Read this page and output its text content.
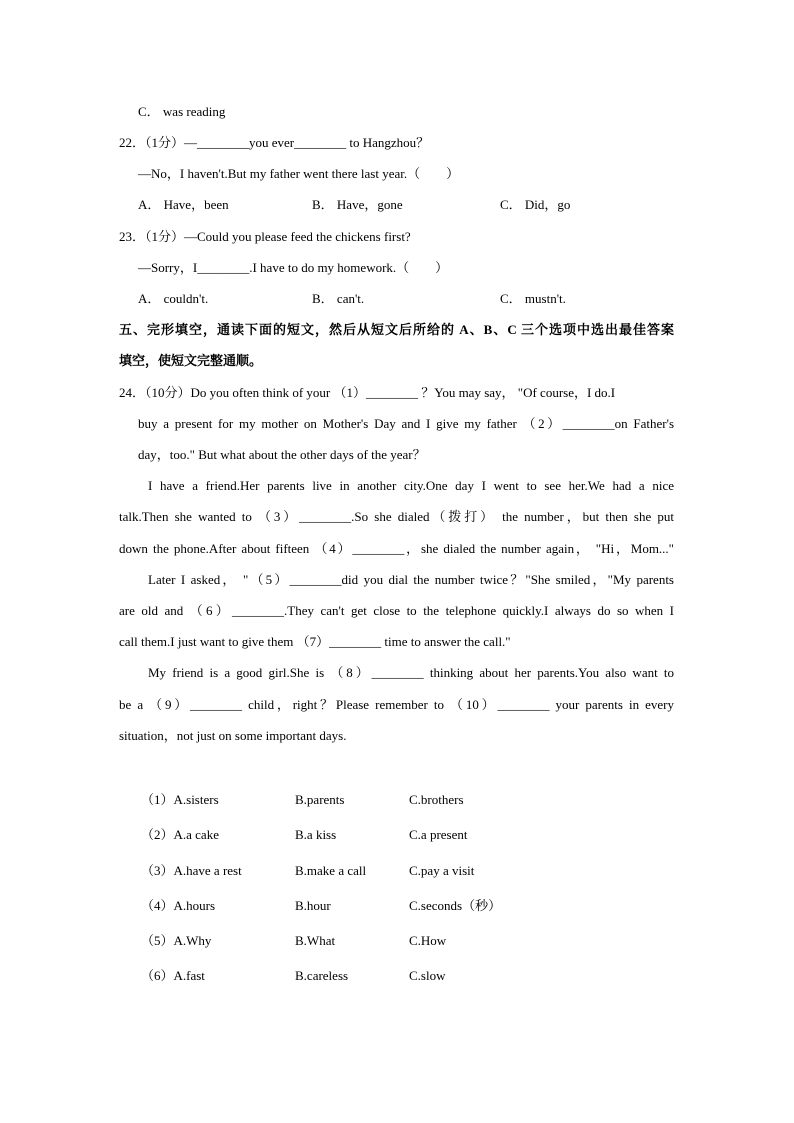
C． was reading
22．（1分）—________you ever________ to Hangzhou？
—No，I haven't.But my father went there last year.（　　）
A． Have，been	B． Have，gone	C． Did，go
23．（1分）—Could you please feed the chickens first?
—Sorry，I________.I have to do my homework.（　　）
A． couldn't.	B． can't.	C． mustn't.
五、完形填空，通读下面的短文，然后从短文后所给的 A、B、C 三个选项中选出最佳答案
填空，使短文完整通顺。
24．（10分）Do you often think of your （1）________ ？You may say， "Of course，I do.I
buy a present for my mother on Mother's Day and I give my father （2）________on Father's
day，too." But what about the other days of the year？
I have a friend.Her parents live in another city.One day I went to see her.We had a nice
talk.Then she wanted to （3）________.So she dialed（拨打） the number，but then she put
down the phone.After about fifteen （4）________，she dialed the number again， "Hi，Mom..."
Later I asked， "（5）________did you dial the number twice？"She smiled，"My parents
are old and （6）________.They can't get close to the telephone quickly.I always do so when I
call them.I just want to give them （7）________ time to answer the call."
My friend is a good girl.She is （8）________ thinking about her parents.You also want to
be a （9）________ child，right？Please remember to （10）________ your parents in every
situation，not just on some important days.
（1）A.sisters	B.parents	C.brothers
（2）A.a cake	B.a kiss	C.a present
（3）A.have a rest	B.make a call	C.pay a visit
（4）A.hours	B.hour	C.seconds（秒）
（5）A.Why	B.What	C.How
（6）A.fast	B.careless	C.slow
